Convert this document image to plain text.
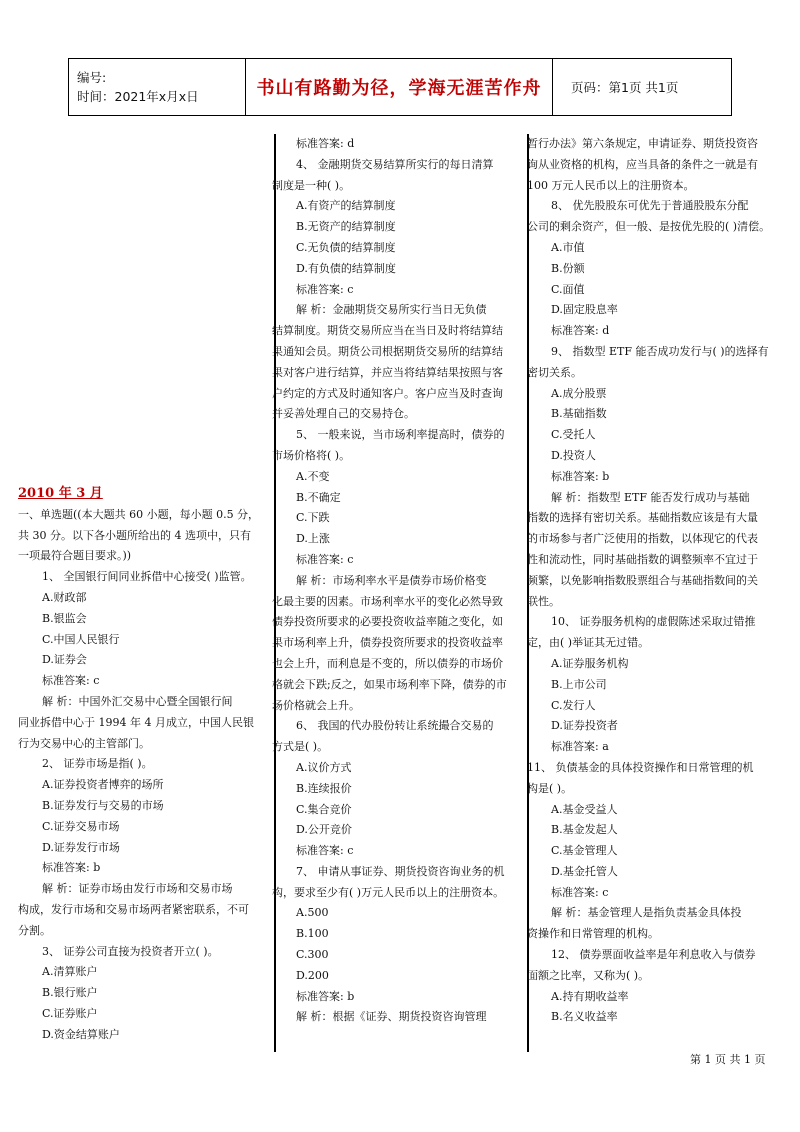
编号:
时间：2021年x月x日	书山有路勤为径，学海无涯苦作舟	页码：第1页 共1页
2010 年 3 月
一、单选题((本大题共 60 小题，每小题 0.5 分，
共 30 分。以下各小题所给出的 4 选项中，只有
一项最符合题目要求。))
1、 全国银行间同业拆借中心接受( )监管。
A.财政部
B.银监会
C.中国人民银行
D.证券会
标准答案: c
解 析：中国外汇交易中心暨全国银行间
同业拆借中心于 1994 年 4 月成立，中国人民银
行为交易中心的主管部门。
2、 证券市场是指( )。
A.证券投资者博弈的场所
B.证券发行与交易的市场
C.证券交易市场
D.证券发行市场
标准答案: b
解 析：证券市场由发行市场和交易市场
构成，发行市场和交易市场两者紧密联系，不可
分割。
3、 证券公司直接为投资者开立( )。
A.清算账户
B.银行账户
C.证券账户
D.资金结算账户
标准答案: d
4、 金融期货交易结算所实行的每日清算
制度是一种( )。
A.有资产的结算制度
B.无资产的结算制度
C.无负债的结算制度
D.有负债的结算制度
标准答案: c
解 析：金融期货交易所实行当日无负债
结算制度。期货交易所应当在当日及时将结算结
果通知会员。期货公司根据期货交易所的结算结
果对客户进行结算，并应当将结算结果按照与客
户约定的方式及时通知客户。客户应当及时查询
并妥善处理自己的交易持仓。
5、 一般来说，当市场利率提高时，债券的
市场价格将( )。
A.不变
B.不确定
C.下跌
D.上涨
标准答案: c
解 析：市场利率水平是债券市场价格变
化最主要的因素。市场利率水平的变化必然导致
债券投资所要求的必要投资收益率随之变化，如
果市场利率上升，债券投资所要求的投资收益率
也会上升，而利息是不变的，所以债券的市场价
格就会下跌;反之，如果市场利率下降，债券的市
场价格就会上升。
6、 我国的代办股份转让系统撮合交易的
方式是( )。
A.议价方式
B.连续报价
C.集合竞价
D.公开竞价
标准答案: c
7、 申请从事证券、期货投资咨询业务的机
构，要求至少有( )万元人民币以上的注册资本。
A.500
B.100
C.300
D.200
标准答案: b
解 析：根据《证券、期货投资咨询管理
暂行办法》第六条规定，申请证券、期货投资咨
询从业资格的机构，应当具备的条件之一就是有
100 万元人民币以上的注册资本。
8、 优先股股东可优先于普通股股东分配
公司的剩余资产，但一般、是按优先股的( )清偿。
A.市值
B.份额
C.面值
D.固定股息率
标准答案: d
9、 指数型 ETF 能否成功发行与( )的选择有
密切关系。
A.成分股票
B.基础指数
C.受托人
D.投资人
标准答案: b
解 析：指数型 ETF 能否发行成功与基础
指数的选择有密切关系。基础指数应该是有大量
的市场参与者广泛使用的指数，以体现它的代表
性和流动性，同时基础指数的调整频率不宜过于
频繁，以免影响指数股票组合与基础指数间的关
联性。
10、 证券服务机构的虚假陈述采取过错推
定，由( )举证其无过错。
A.证券服务机构
B.上市公司
C.发行人
D.证券投资者
标准答案: a
11、 负债基金的具体投资操作和日常管理的机
构是( )。
A.基金受益人
B.基金发起人
C.基金管理人
D.基金托管人
标准答案: c
解 析：基金管理人是指负责基金具体投
资操作和日常管理的机构。
12、 债券票面收益率是年利息收入与债券
面额之比率，又称为( )。
A.持有期收益率
B.名义收益率
第 1 页 共 1 页
